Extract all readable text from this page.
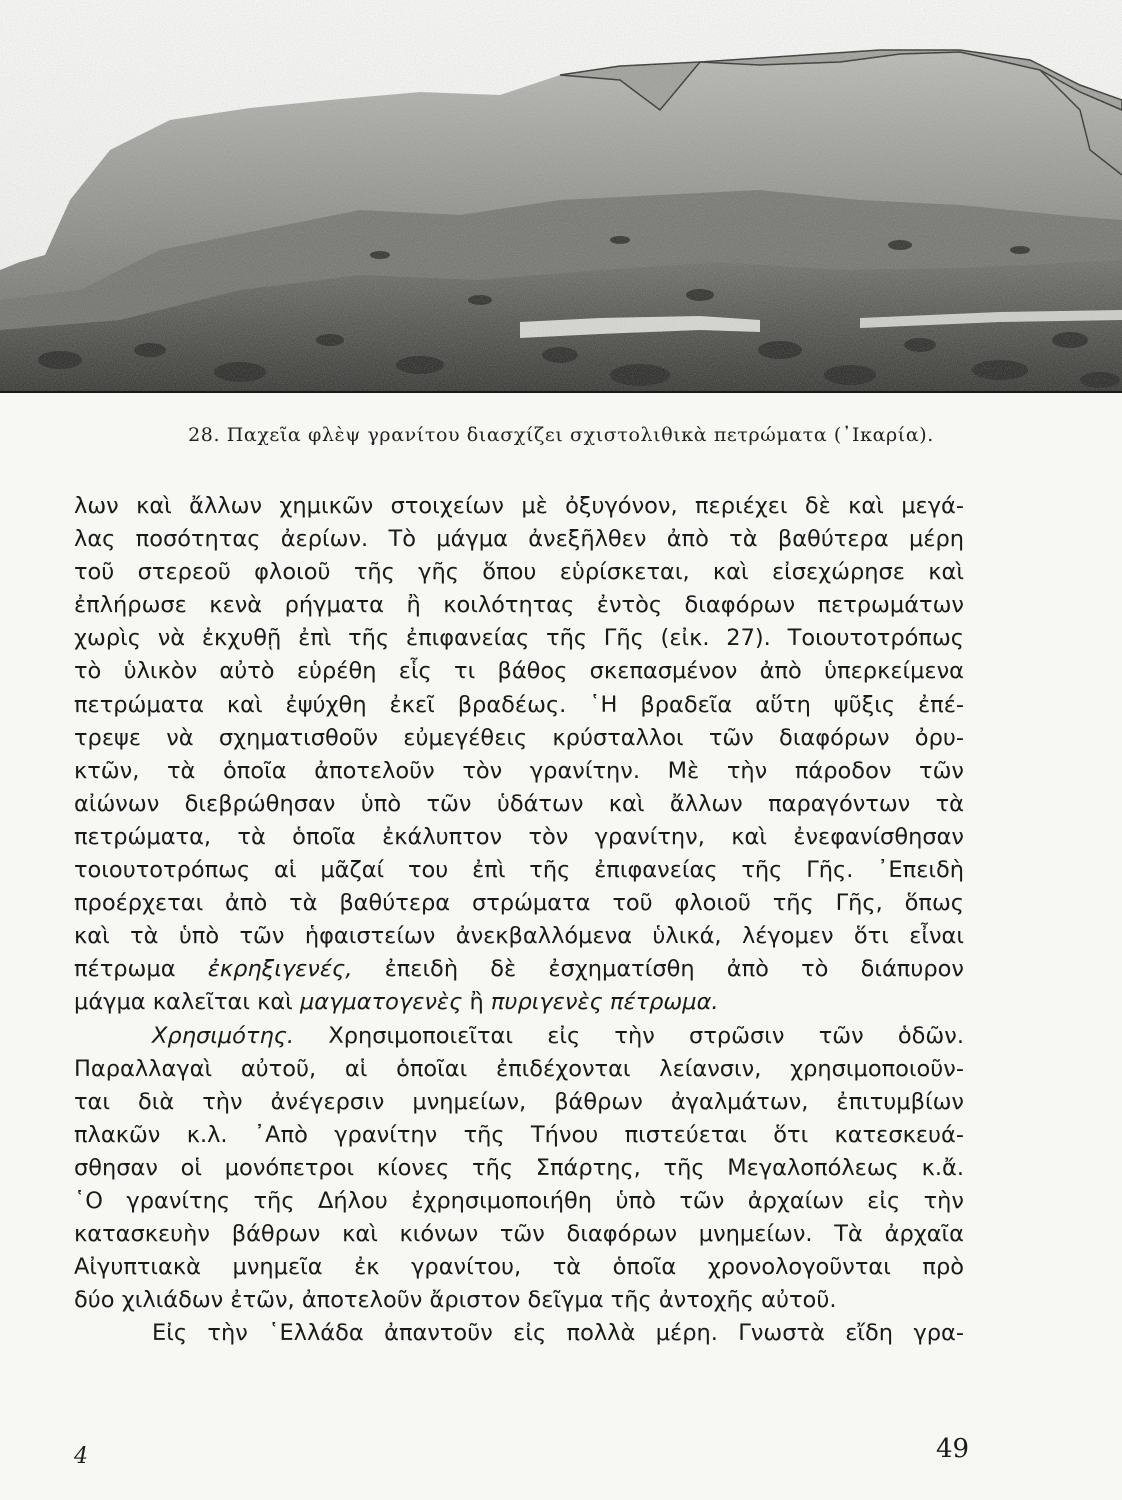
28. Παχεῖα φλὲψ γρανίτου διασχίζει σχιστολιθικὰ πετρώματα (᾿Ικαρία).
λων καὶ ἄλλων χημικῶν στοιχείων μὲ ὀξυγόνον, περιέχει δὲ καὶ μεγά-
λας ποσότητας ἀερίων. Τὸ μάγμα ἀνεξῆλθεν ἀπὸ τὰ βαθύτερα μέρη
τοῦ στερεοῦ φλοιοῦ τῆς γῆς ὅπου εὑρίσκεται, καὶ εἰσεχώρησε καὶ
ἐπλήρωσε κενὰ ρήγματα ἢ κοιλότητας ἐντὸς διαφόρων πετρωμάτων
χωρὶς νὰ ἐκχυθῇ ἐπὶ τῆς ἐπιφανείας τῆς Γῆς (εἰκ. 27). Τοιουτοτρόπως
τὸ ὑλικὸν αὐτὸ εὑρέθη εἷς τι βάθος σκεπασμένον ἀπὸ ὑπερκείμενα
πετρώματα καὶ ἐψύχθη ἐκεῖ βραδέως. ῾Η βραδεῖα αὕτη ψῦξις ἐπέ-
τρεψε νὰ σχηματισθοῦν εὐμεγέθεις κρύσταλλοι τῶν διαφόρων ὀρυ-
κτῶν, τὰ ὁποῖα ἀποτελοῦν τὸν γρανίτην. Μὲ τὴν πάροδον τῶν
αἰώνων διεβρώθησαν ὑπὸ τῶν ὑδάτων καὶ ἄλλων παραγόντων τὰ
πετρώματα, τὰ ὁποῖα ἐκάλυπτον τὸν γρανίτην, καὶ ἐνεφανίσθησαν
τοιουτοτρόπως αἱ μᾶζαί του ἐπὶ τῆς ἐπιφανείας τῆς Γῆς. ᾿Επειδὴ
προέρχεται ἀπὸ τὰ βαθύτερα στρώματα τοῦ φλοιοῦ τῆς Γῆς, ὅπως
καὶ τὰ ὑπὸ τῶν ἡφαιστείων ἀνεκβαλλόμενα ὑλικά, λέγομεν ὅτι εἶναι
πέτρωμα ἐκρηξιγενές, ἐπειδὴ δὲ ἐσχηματίσθη ἀπὸ τὸ διάπυρον
μάγμα καλεῖται καὶ μαγματογενὲς ἢ πυριγενὲς πέτρωμα.
Χρησιμότης. Χρησιμοποιεῖται εἰς τὴν στρῶσιν τῶν ὁδῶν.
Παραλλαγαὶ αὐτοῦ, αἱ ὁποῖαι ἐπιδέχονται λείανσιν, χρησιμοποιοῦν-
ται διὰ τὴν ἀνέγερσιν μνημείων, βάθρων ἀγαλμάτων, ἐπιτυμβίων
πλακῶν κ.λ. ᾿Απὸ γρανίτην τῆς Τήνου πιστεύεται ὅτι κατεσκευά-
σθησαν οἱ μονόπετροι κίονες τῆς Σπάρτης, τῆς Μεγαλοπόλεως κ.ἄ.
῾Ο γρανίτης τῆς Δήλου ἐχρησιμοποιήθη ὑπὸ τῶν ἀρχαίων εἰς τὴν
κατασκευὴν βάθρων καὶ κιόνων τῶν διαφόρων μνημείων. Τὰ ἀρχαῖα
Αἰγυπτιακὰ μνημεῖα ἐκ γρανίτου, τὰ ὁποῖα χρονολογοῦνται πρὸ
δύο χιλιάδων ἐτῶν, ἀποτελοῦν ἄριστον δεῖγμα τῆς ἀντοχῆς αὐτοῦ.
Εἰς τὴν ῾Ελλάδα ἀπαντοῦν εἰς πολλὰ μέρη. Γνωστὰ εἴδη γρα-
4	49
